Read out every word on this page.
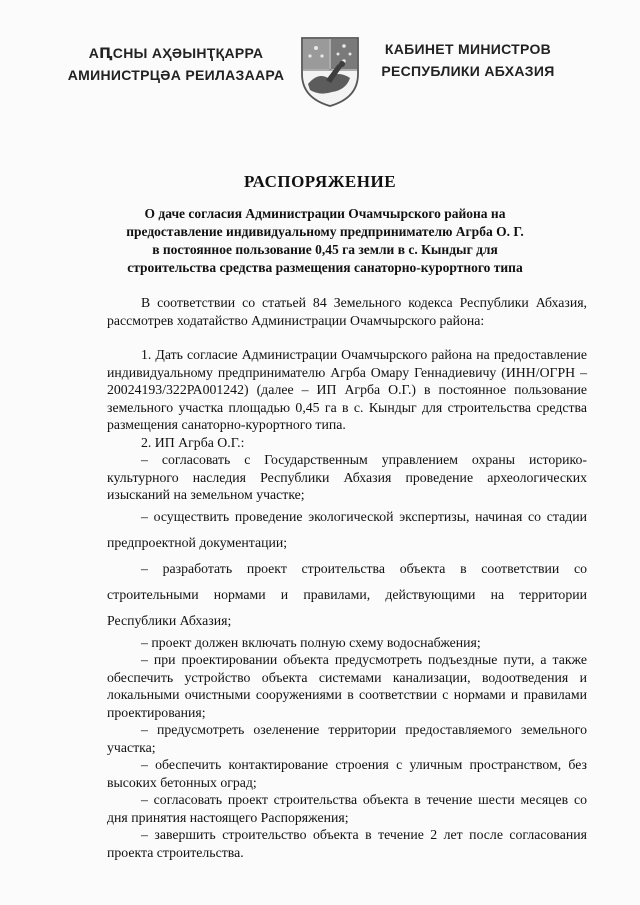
АԤСНЫ АҲӘЫНҬҚАРРА
АМИНИСТРЦӘА РЕИЛАЗААРА
КАБИНЕТ МИНИСТРОВ
РЕСПУБЛИКИ АБХАЗИЯ
РАСПОРЯЖЕНИЕ
О даче согласия Администрации Очамчырского района на
предоставление индивидуальному предпринимателю Агрба О. Г.
в постоянное пользование 0,45 га земли в с. Кындыг для
строительства средства размещения санаторно-курортного типа

В соответствии со статьей 84 Земельного кодекса Республики Абхазия, рассмотрев ходатайство Администрации Очамчырского района:

1. Дать согласие Администрации Очамчырского района на предоставление индивидуальному предпринимателю Агрба Омару Геннадиевичу (ИНН/ОГРН – 20024193/322РА001242) (далее – ИП Агрба О.Г.) в постоянное пользование земельного участка площадью 0,45 га в с. Кындыг для строительства средства размещения санаторно-курортного типа.

2. ИП Агрба О.Г.:

– согласовать с Государственным управлением охраны историко-культурного наследия Республики Абхазия проведение археологических изысканий на земельном участке;

– осуществить проведение экологической экспертизы, начиная со стадии предпроектной документации;

– разработать проект строительства объекта в соответствии со строительными нормами и правилами, действующими на территории Республики Абхазия;

– проект должен включать полную схему водоснабжения;

– при проектировании объекта предусмотреть подъездные пути, а также обеспечить устройство объекта системами канализации, водоотведения и локальными очистными сооружениями в соответствии с нормами и правилами проектирования;

– предусмотреть озеленение территории предоставляемого земельного участка;

– обеспечить контактирование строения с уличным пространством, без высоких бетонных оград;

– согласовать проект строительства объекта в течение шести месяцев со дня принятия настоящего Распоряжения;

– завершить строительство объекта в течение 2 лет после согласования проекта строительства.
